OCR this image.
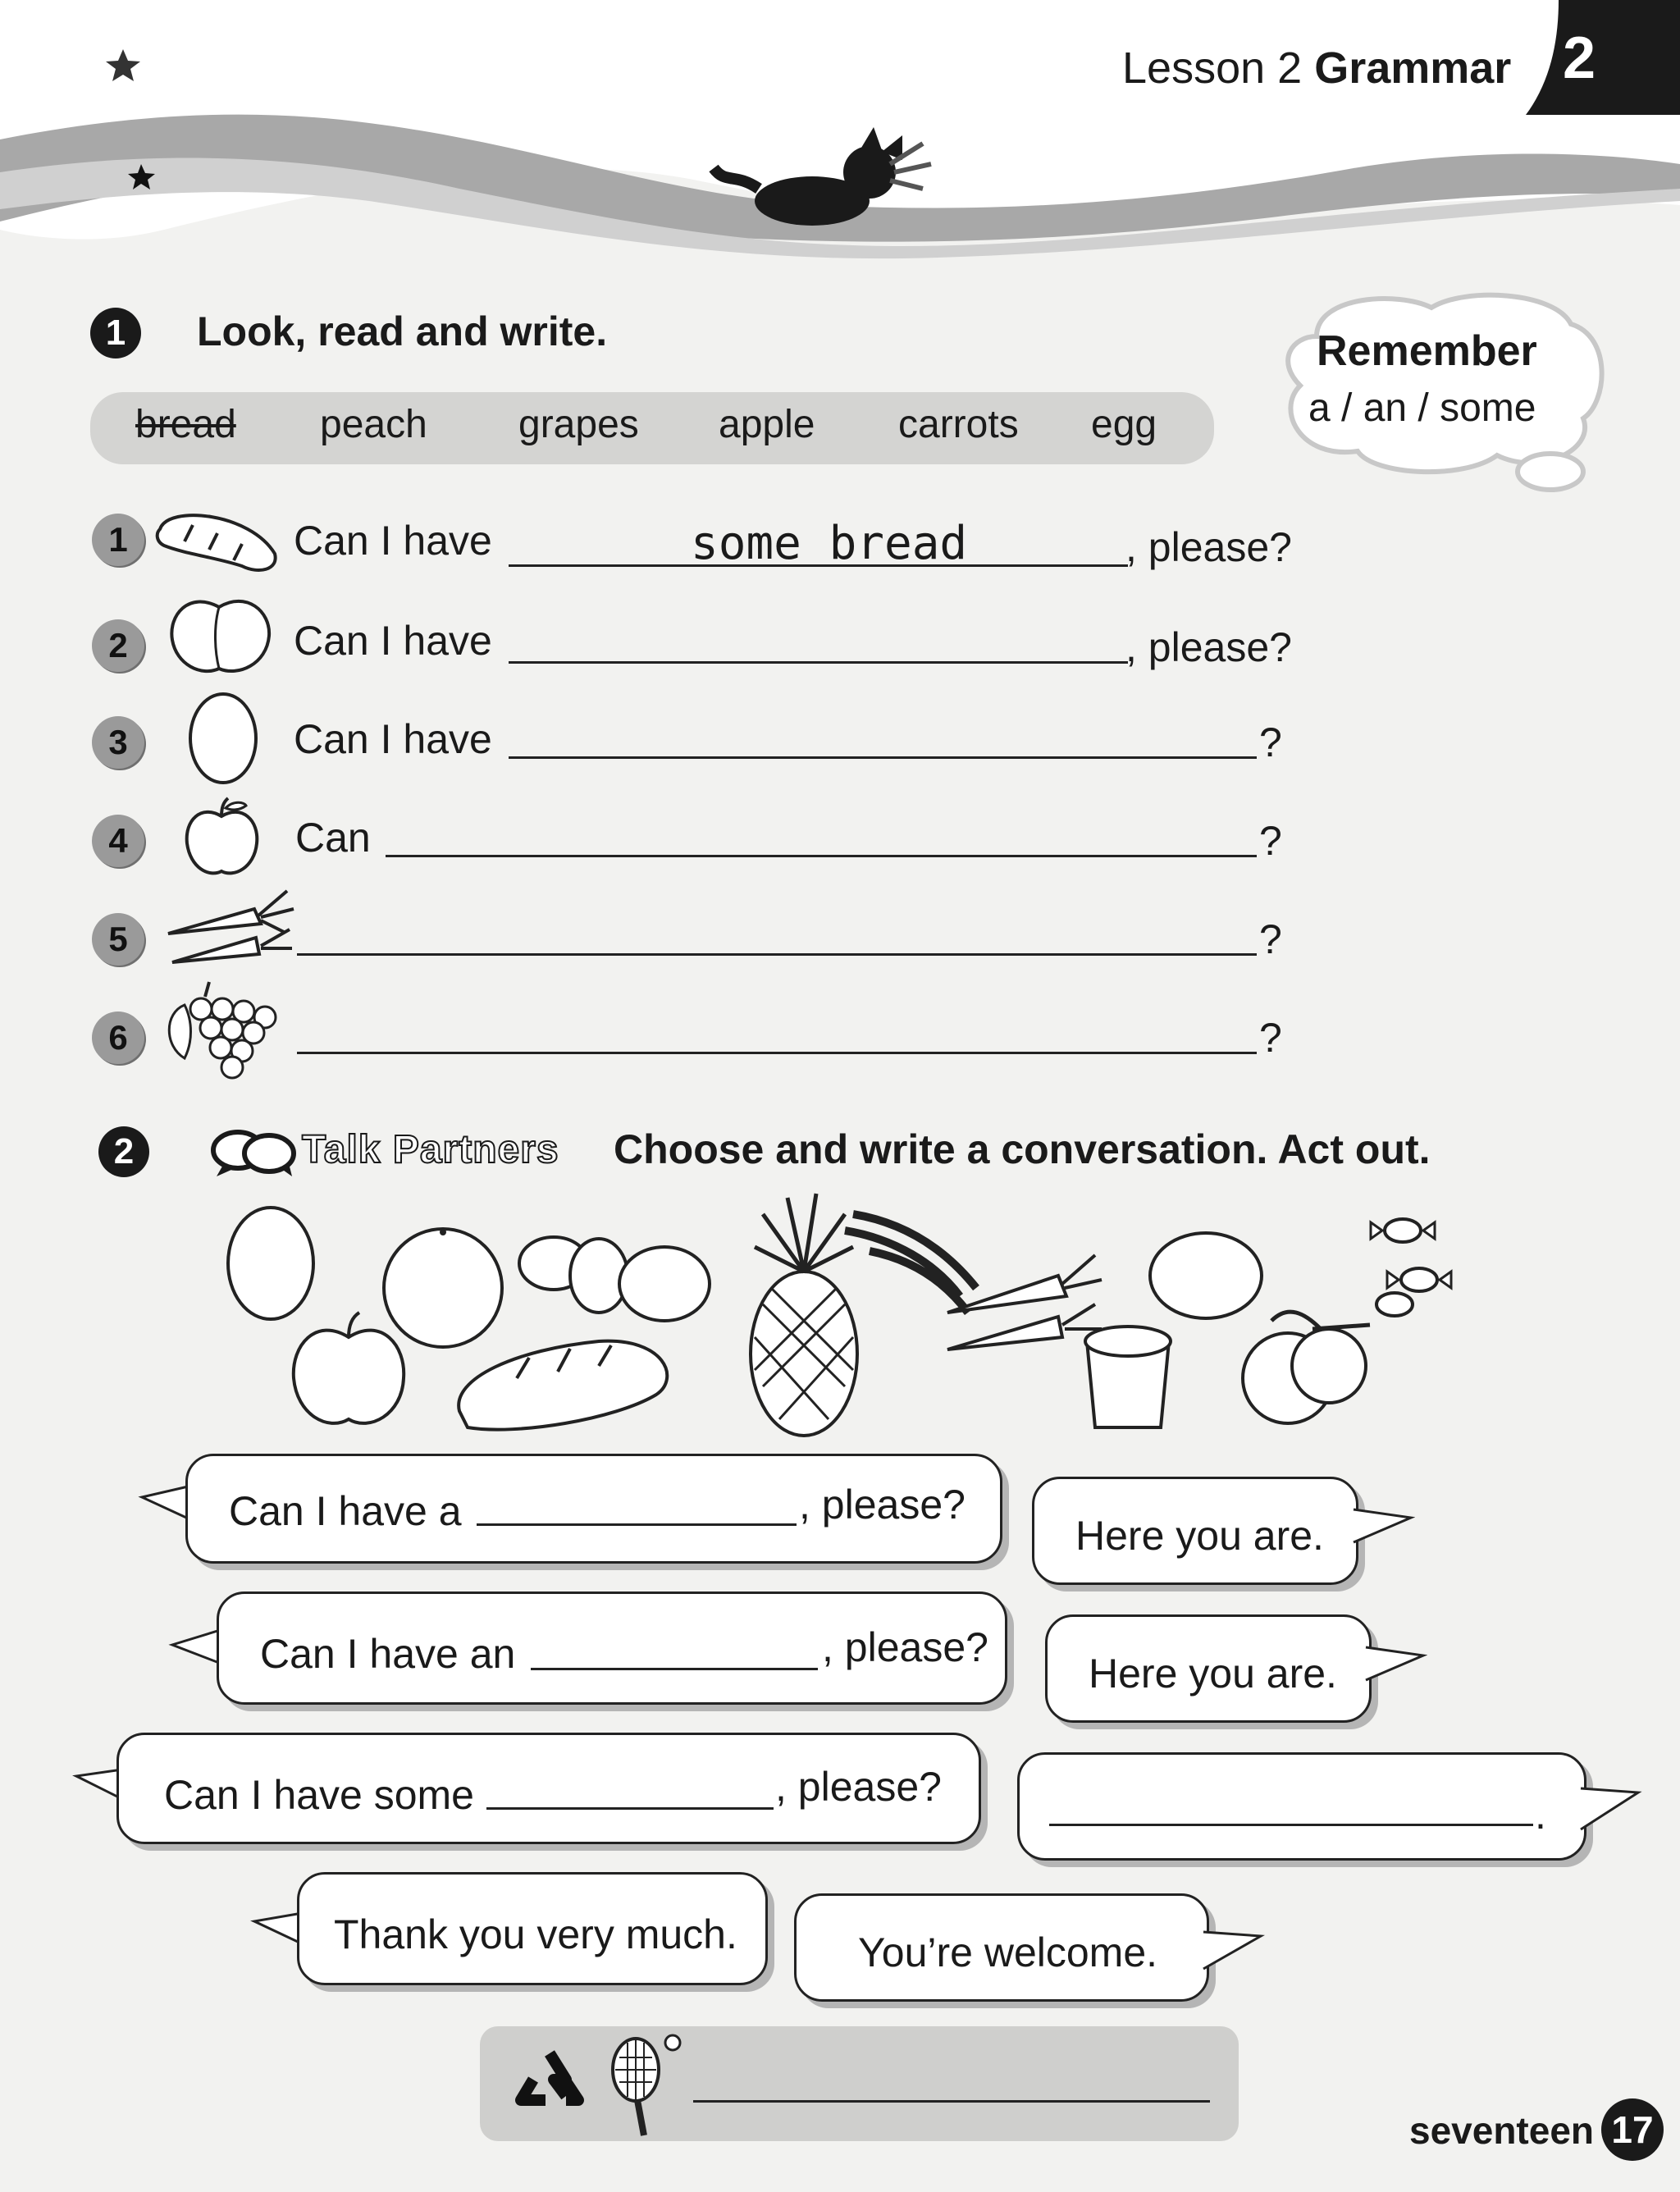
Lesson 2 Grammar 2
1	Look, read and write.
bread peach grapes apple carrots egg
Remember
a / an / some
1	Can I have	some bread	, please?
2	Can I have	, please?
3	Can I have	?
4	Can	?
5	?
6	?
2	Talk Partners Choose and write a conversation. Act out.
Can I have a	, please?
Here you are.
Can I have an	, please?
Here you are.
Can I have some	, please?
.
Thank you very much.	You’re welcome.
seventeen 17
